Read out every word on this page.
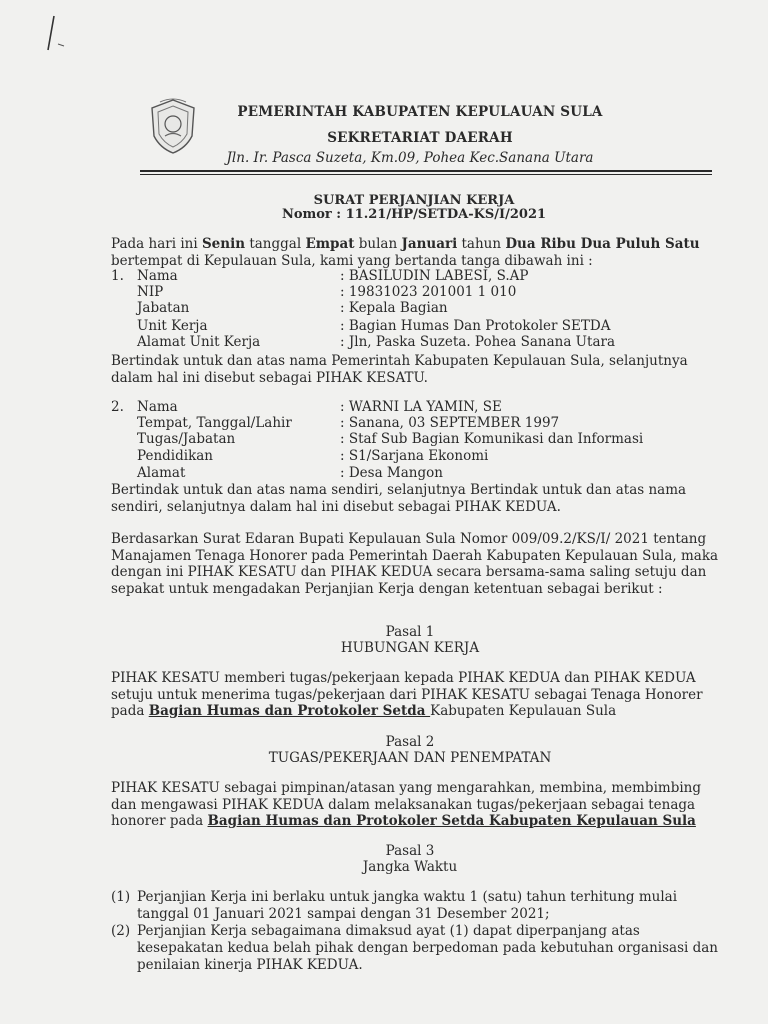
PEMERINTAH KABUPATEN KEPULAUAN SULA
SEKRETARIAT DAERAH
Jln. Ir. Pasca Suzeta, Km.09, Pohea Kec.Sanana Utara
SURAT PERJANJIAN KERJA
Nomor : 11.21/HP/SETDA-KS/I/2021
Pada hari ini Senin tanggal Empat bulan Januari tahun Dua Ribu Dua Puluh Satu bertempat di Kepulauan Sula, kami yang bertanda tanga dibawah ini :
1. Nama	: BASILUDIN LABESI, S.AP
NIP	: 19831023 201001 1 010
Jabatan	: Kepala Bagian
Unit Kerja	: Bagian Humas Dan Protokoler SETDA
Alamat Unit Kerja	: Jln, Paska Suzeta. Pohea Sanana Utara
Bertindak untuk dan atas nama Pemerintah Kabupaten Kepulauan Sula, selanjutnya dalam hal ini disebut sebagai PIHAK KESATU.
2. Nama	: WARNI LA YAMIN, SE
Tempat, Tanggal/Lahir	: Sanana, 03 SEPTEMBER 1997
Tugas/Jabatan	: Staf Sub Bagian Komunikasi dan Informasi
Pendidikan	: S1/Sarjana Ekonomi
Alamat	: Desa Mangon
Bertindak untuk dan atas nama sendiri, selanjutnya Bertindak untuk dan atas nama sendiri, selanjutnya dalam hal ini disebut sebagai PIHAK KEDUA.
Berdasarkan Surat Edaran Bupati Kepulauan Sula Nomor 009/09.2/KS/I/ 2021 tentang Manajamen Tenaga Honorer pada Pemerintah Daerah Kabupaten Kepulauan Sula, maka dengan ini PIHAK KESATU dan PIHAK KEDUA secara bersama-sama saling setuju dan sepakat untuk mengadakan Perjanjian Kerja dengan ketentuan sebagai berikut :
Pasal 1
HUBUNGAN KERJA
PIHAK KESATU memberi tugas/pekerjaan kepada PIHAK KEDUA dan PIHAK KEDUA setuju untuk menerima tugas/pekerjaan dari PIHAK KESATU sebagai Tenaga Honorer pada Bagian Humas dan Protokoler Setda Kabupaten Kepulauan Sula
Pasal 2
TUGAS/PEKERJAAN DAN PENEMPATAN
PIHAK KESATU sebagai pimpinan/atasan yang mengarahkan, membina, membimbing dan mengawasi PIHAK KEDUA dalam melaksanakan tugas/pekerjaan sebagai tenaga honorer pada Bagian Humas dan Protokoler Setda Kabupaten Kepulauan Sula
Pasal 3
Jangka Waktu
(1) Perjanjian Kerja ini berlaku untuk jangka waktu 1 (satu) tahun terhitung mulai tanggal 01 Januari 2021 sampai dengan 31 Desember 2021;
(2) Perjanjian Kerja sebagaimana dimaksud ayat (1) dapat diperpanjang atas kesepakatan kedua belah pihak dengan berpedoman pada kebutuhan organisasi dan penilaian kinerja PIHAK KEDUA.
